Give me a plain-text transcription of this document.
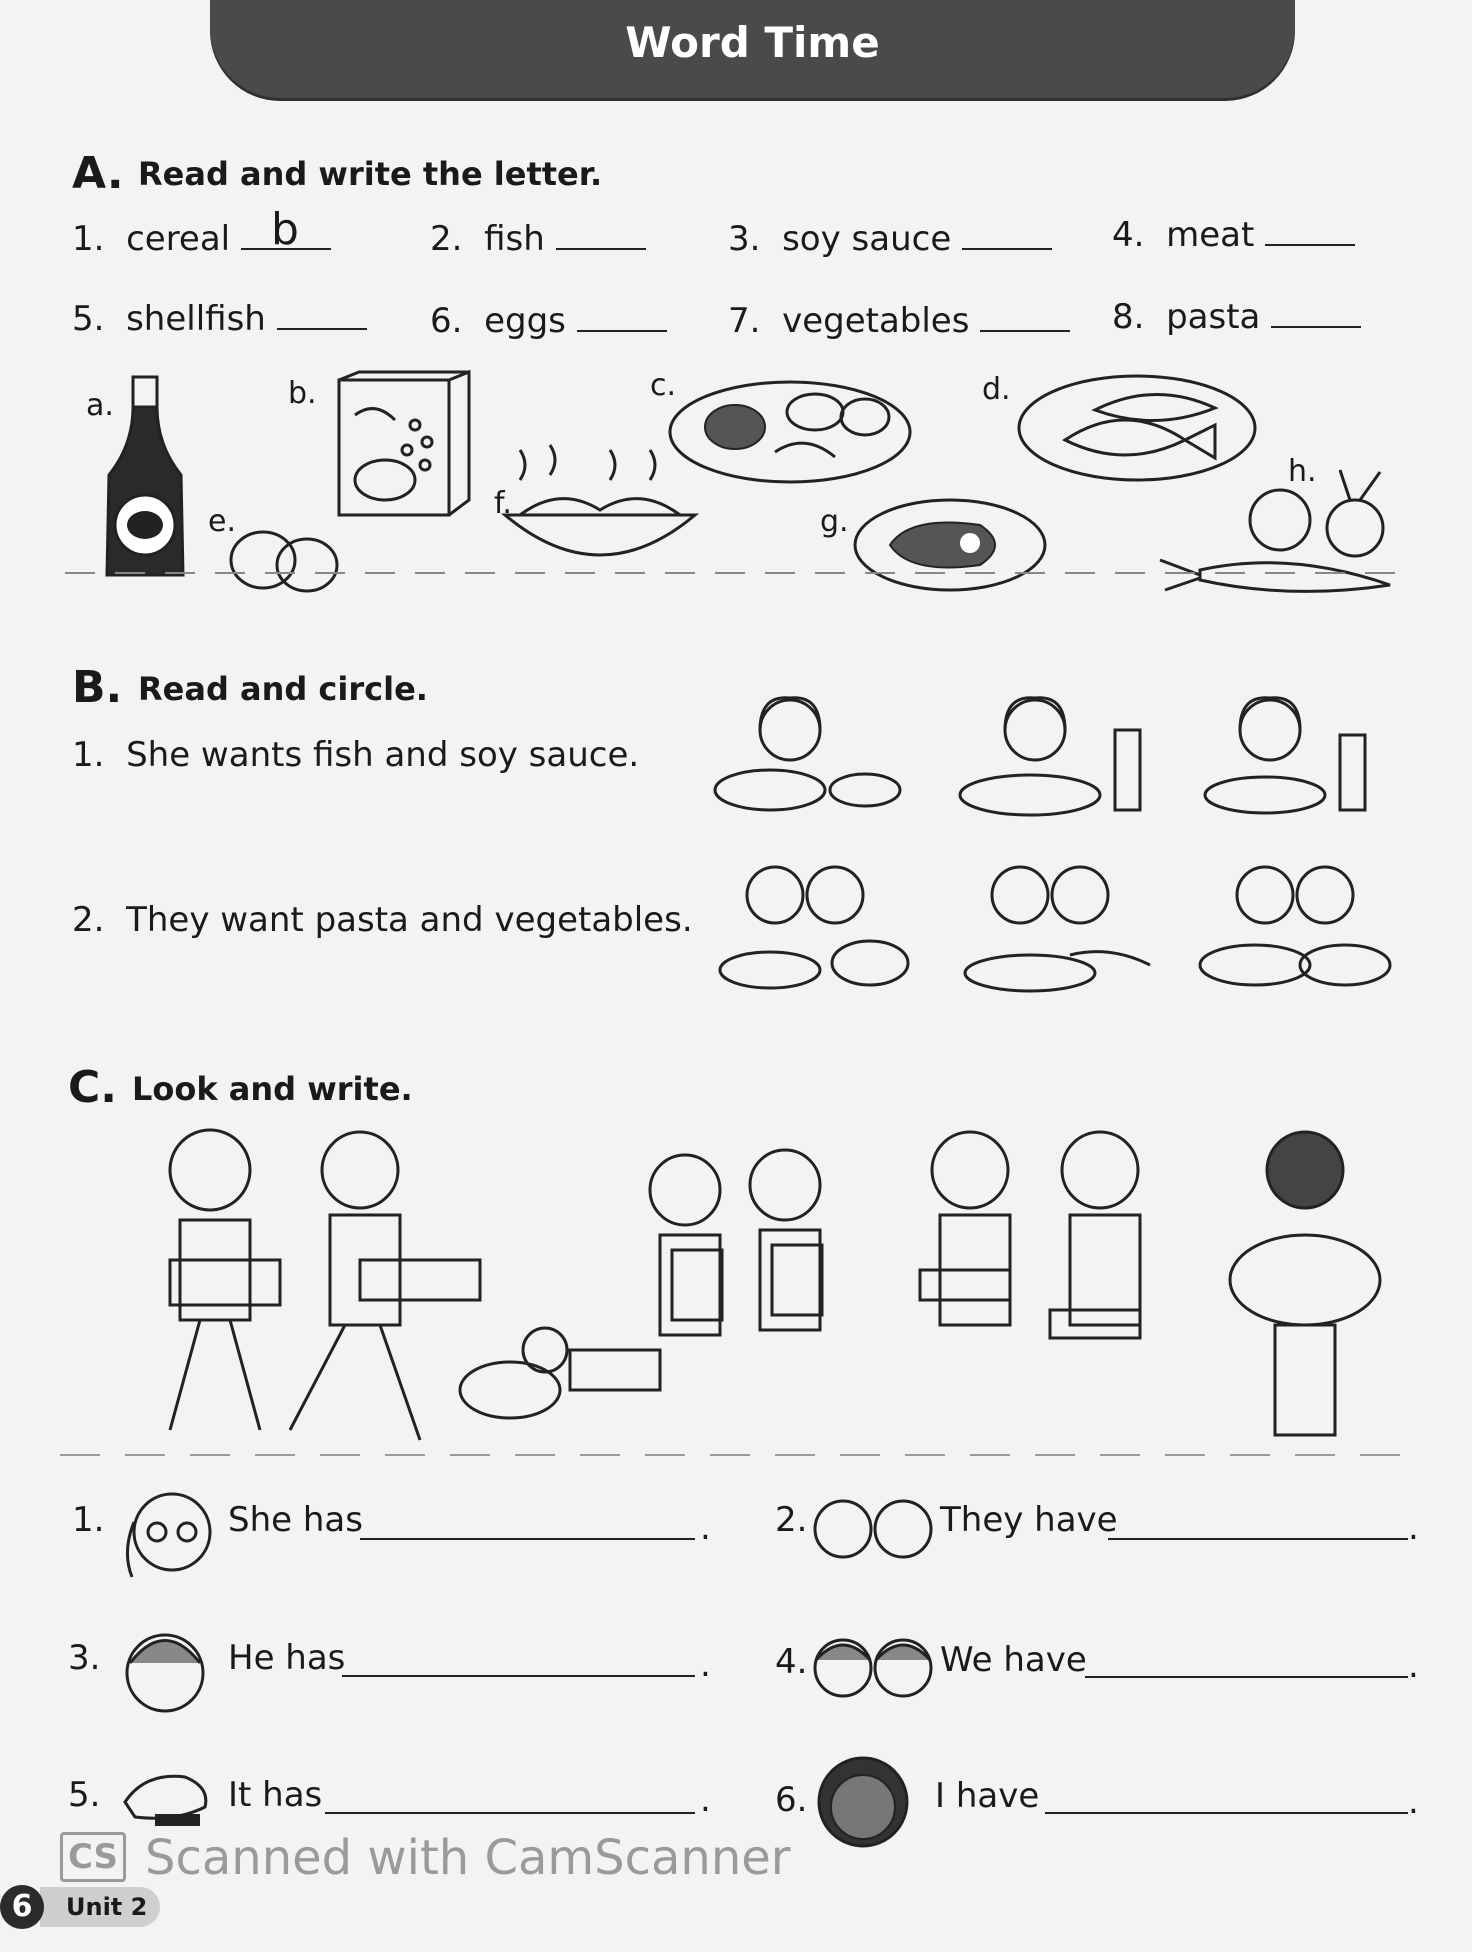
Word Time
A. Read and write the letter.
1. cereal b	2. fish	3. soy sauce	4. meat
5. shellfish	6. eggs	7. vegetables	8. pasta
a.	b.	c.	d.
e.
f.
g.
h.
B. Read and circle.
1. She wants fish and soy sauce.
2. They want pasta and vegetables.
C. Look and write.
1.	She has	. 2.	They have	.
3.	He has	. 4.	We have	.
5.	It has	. 6.	I have	.
CS Scanned with CamScanner
Unit 2
6
